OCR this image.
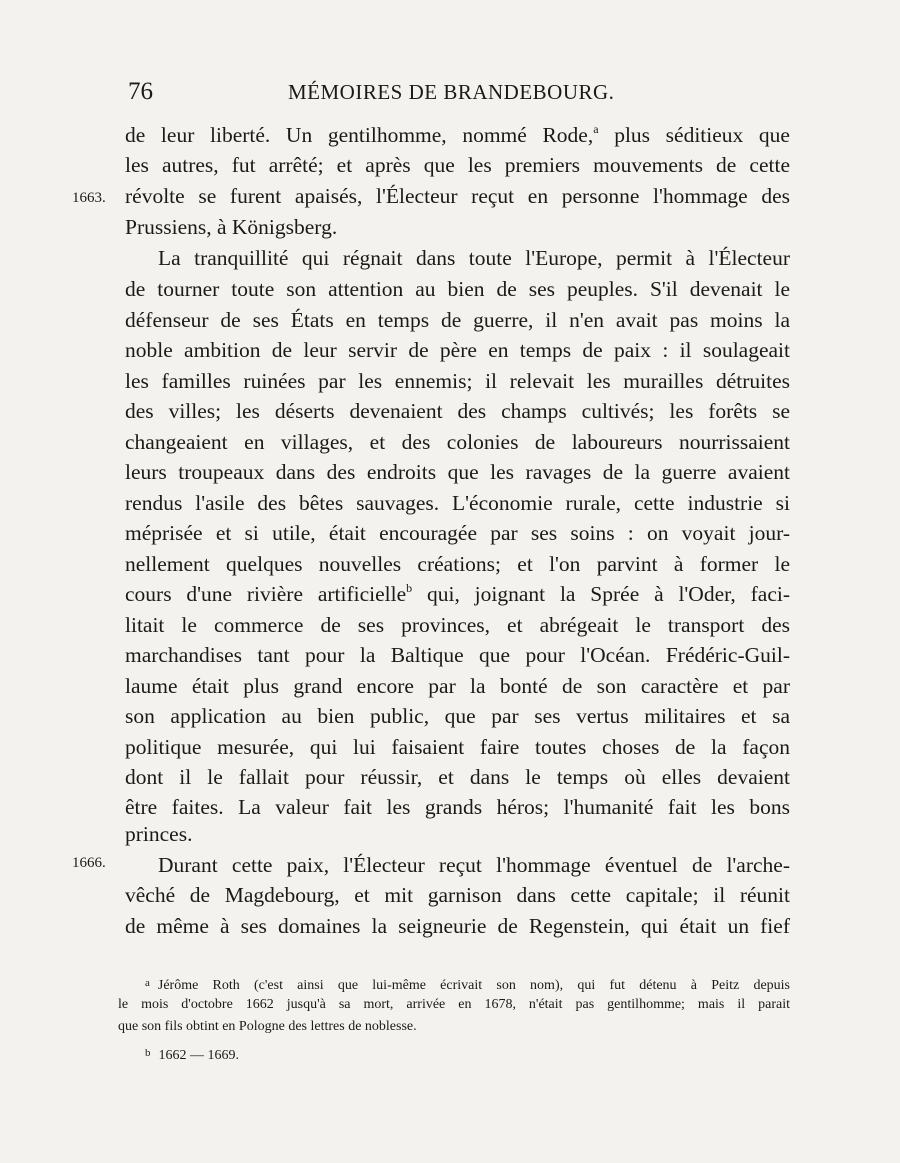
76	MÉMOIRES DE BRANDEBOURG.
1663.
1666.
de leur liberté. Un gentilhomme, nommé Rode,$^a$ plus séditieux que
les autres, fut arrêté; et après que les premiers mouvements de cette
révolte se furent apaisés, l'Électeur reçut en personne l'hommage des
Prussiens, à Königsberg.
La tranquillité qui régnait dans toute l'Europe, permit à l'Électeur
de tourner toute son attention au bien de ses peuples. S'il devenait le
défenseur de ses États en temps de guerre, il n'en avait pas moins la
noble ambition de leur servir de père en temps de paix : il soulageait
les familles ruinées par les ennemis; il relevait les murailles détruites
des villes; les déserts devenaient des champs cultivés; les forêts se
changeaient en villages, et des colonies de laboureurs nourrissaient
leurs troupeaux dans des endroits que les ravages de la guerre avaient
rendus l'asile des bêtes sauvages. L'économie rurale, cette industrie si
méprisée et si utile, était encouragée par ses soins : on voyait jour-
nellement quelques nouvelles créations; et l'on parvint à former le
cours d'une rivière artificielle$^b$ qui, joignant la Sprée à l'Oder, faci-
litait le commerce de ses provinces, et abrégeait le transport des
marchandises tant pour la Baltique que pour l'Océan. Frédéric-Guil-
laume était plus grand encore par la bonté de son caractère et par
son application au bien public, que par ses vertus militaires et sa
politique mesurée, qui lui faisaient faire toutes choses de la façon
dont il le fallait pour réussir, et dans le temps où elles devaient
être faites. La valeur fait les grands héros; l'humanité fait les bons
princes.
Durant cette paix, l'Électeur reçut l'hommage éventuel de l'arche-
vêché de Magdebourg, et mit garnison dans cette capitale; il réunit
de même à ses domaines la seigneurie de Regenstein, qui était un fief
$^a$ Jérôme Roth (c'est ainsi que lui-même écrivait son nom), qui fut détenu à Peitz depuis
le mois d'octobre 1662 jusqu'à sa mort, arrivée en 1678, n'était pas gentilhomme; mais il parait
que son fils obtint en Pologne des lettres de noblesse.
$^b$ 1662 — 1669.
